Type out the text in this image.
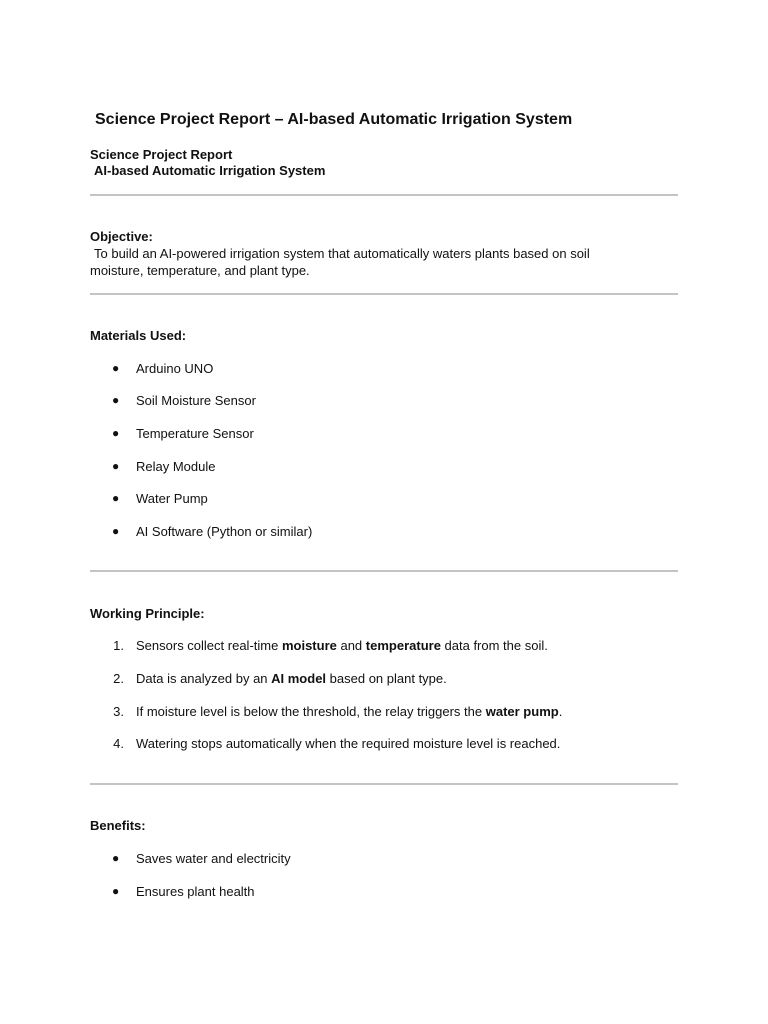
Science Project Report – AI-based Automatic Irrigation System
Science Project Report
AI-based Automatic Irrigation System
Objective:
To build an AI-powered irrigation system that automatically waters plants based on soil
moisture, temperature, and plant type.
Materials Used:
● Arduino UNO
● Soil Moisture Sensor
● Temperature Sensor
● Relay Module
● Water Pump
● AI Software (Python or similar)
Working Principle:
1. Sensors collect real-time moisture and temperature data from the soil.
2. Data is analyzed by an AI model based on plant type.
3. If moisture level is below the threshold, the relay triggers the water pump.
4. Watering stops automatically when the required moisture level is reached.
Benefits:
● Saves water and electricity
● Ensures plant health
